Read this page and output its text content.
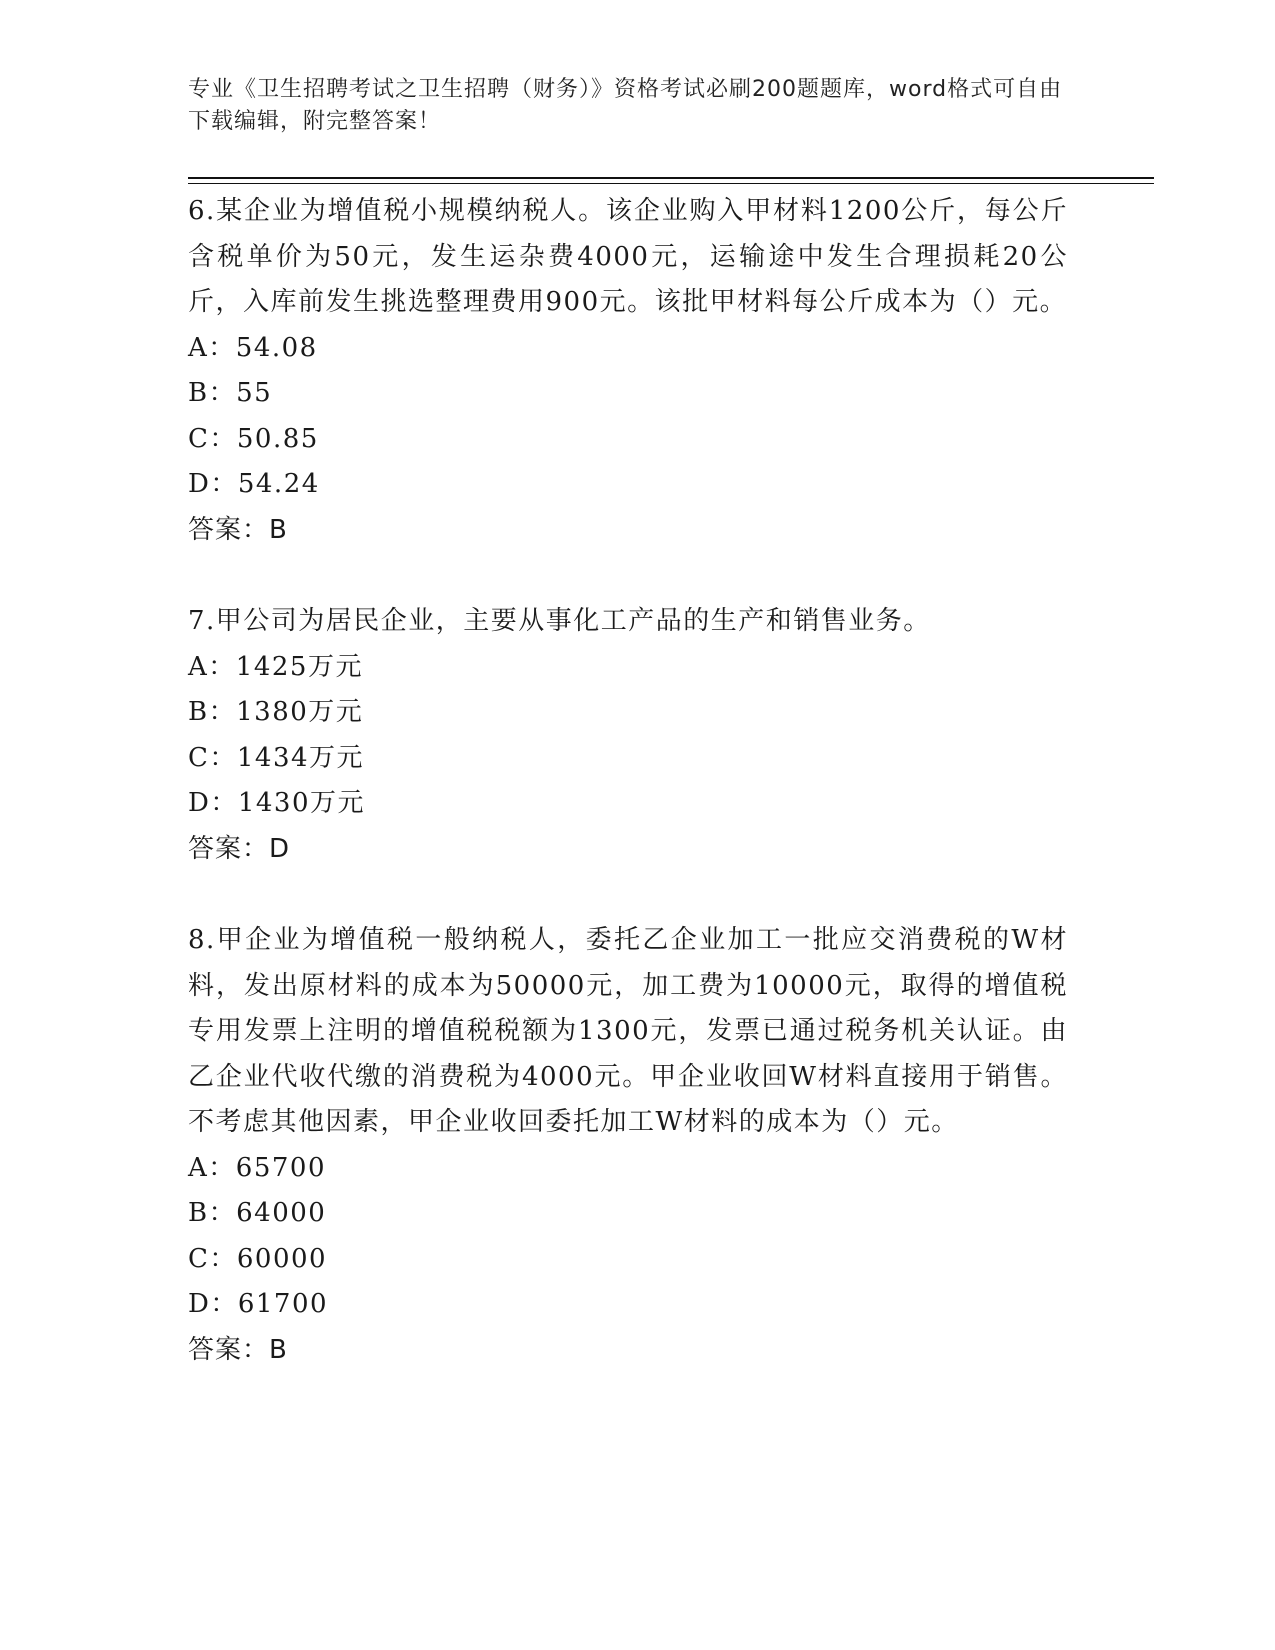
专业《卫生招聘考试之卫生招聘（财务）》资格考试必刷200题题库，word格式可自由下载编辑，附完整答案！

6.某企业为增值税小规模纳税人。该企业购入甲材料1200公斤，每公斤含税单价为50元，发生运杂费4000元，运输途中发生合理损耗20公斤，入库前发生挑选整理费用900元。该批甲材料每公斤成本为（）元。

A：54.08

B：55

C：50.85

D：54.24

答案：B

7.甲公司为居民企业，主要从事化工产品的生产和销售业务。

A：1425万元

B：1380万元

C：1434万元

D：1430万元

答案：D

8.甲企业为增值税一般纳税人，委托乙企业加工一批应交消费税的W材料，发出原材料的成本为50000元，加工费为10000元，取得的增值税专用发票上注明的增值税税额为1300元，发票已通过税务机关认证。由乙企业代收代缴的消费税为4000元。甲企业收回W材料直接用于销售。不考虑其他因素，甲企业收回委托加工W材料的成本为（）元。

A：65700

B：64000

C：60000

D：61700

答案：B
